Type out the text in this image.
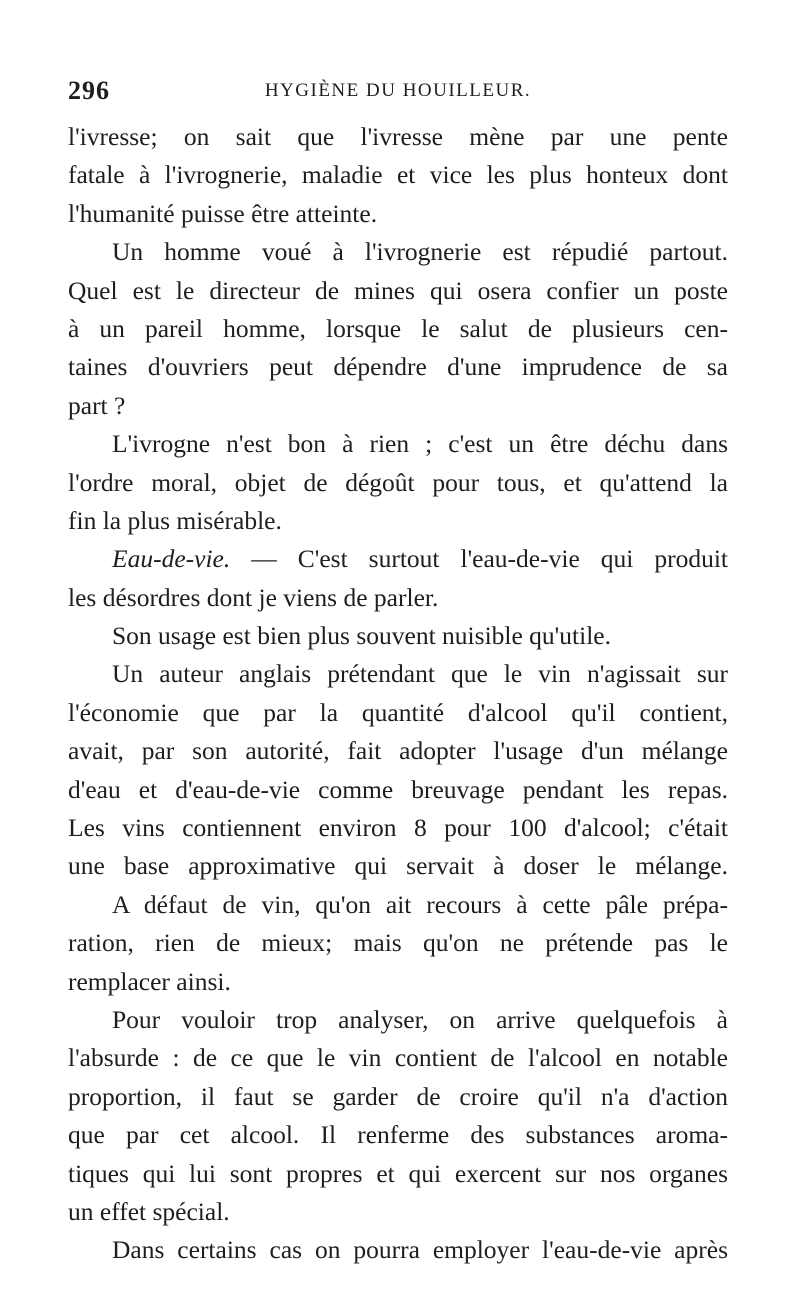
296	HYGIÈNE DU HOUILLEUR.
l'ivresse; on sait que l'ivresse mène par une pente
fatale à l'ivrognerie, maladie et vice les plus honteux dont
l'humanité puisse être atteinte.
Un homme voué à l'ivrognerie est répudié partout.
Quel est le directeur de mines qui osera confier un poste
à un pareil homme, lorsque le salut de plusieurs cen-
taines d'ouvriers peut dépendre d'une imprudence de sa
part ?
L'ivrogne n'est bon à rien ; c'est un être déchu dans
l'ordre moral, objet de dégoût pour tous, et qu'attend la
fin la plus misérable.
Eau-de-vie. — C'est surtout l'eau-de-vie qui produit
les désordres dont je viens de parler.
Son usage est bien plus souvent nuisible qu'utile.
Un auteur anglais prétendant que le vin n'agissait sur
l'économie que par la quantité d'alcool qu'il contient,
avait, par son autorité, fait adopter l'usage d'un mélange
d'eau et d'eau-de-vie comme breuvage pendant les repas.
Les vins contiennent environ 8 pour 100 d'alcool; c'était
une base approximative qui servait à doser le mélange.
A défaut de vin, qu'on ait recours à cette pâle prépa-
ration, rien de mieux; mais qu'on ne prétende pas le
remplacer ainsi.
Pour vouloir trop analyser, on arrive quelquefois à
l'absurde : de ce que le vin contient de l'alcool en notable
proportion, il faut se garder de croire qu'il n'a d'action
que par cet alcool. Il renferme des substances aroma-
tiques qui lui sont propres et qui exercent sur nos organes
un effet spécial.
Dans certains cas on pourra employer l'eau-de-vie après
